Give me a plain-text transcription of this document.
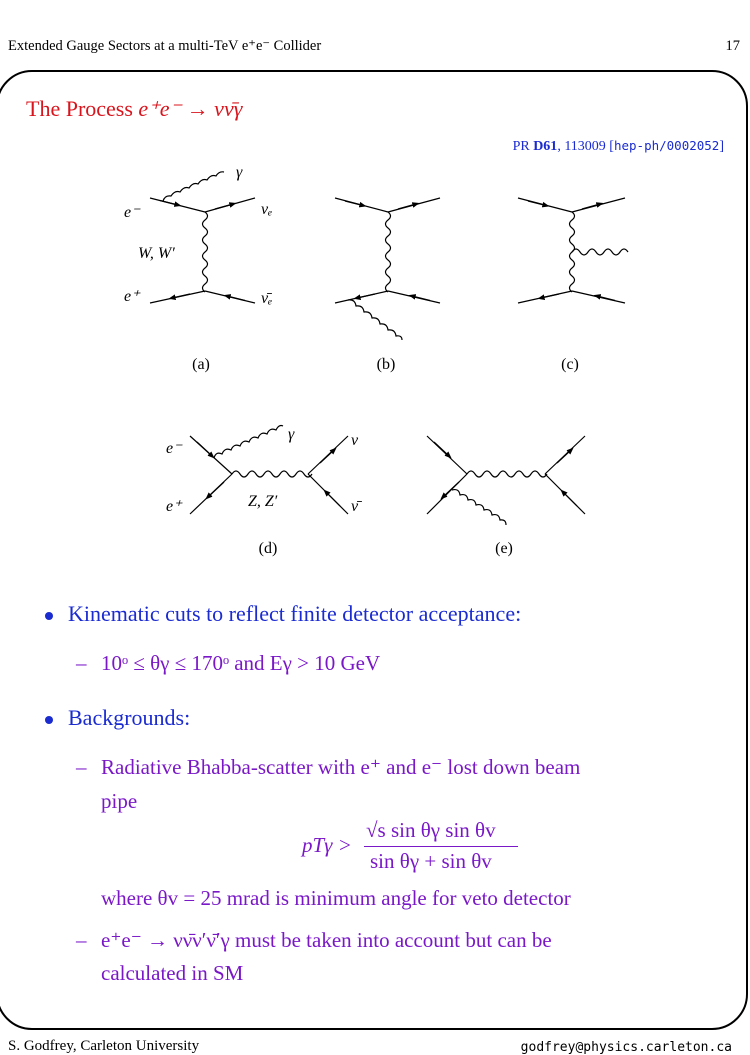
Extended Gauge Sectors at a multi-TeV e⁺e⁻ Collider	17
The Process e⁺e⁻ → νν̄γ
PR D61, 113009 [hep-ph/0002052]
e⁻
e⁺
γ
νₑ
ν̄ₑ
W, W′
e⁻
e⁺
γ	ν
ν̄
Z, Z′
(a)	(b)	(c)
(d)	(e)
Kinematic cuts to reflect finite detector acceptance:
– 10ᵒ ≤ θγ ≤ 170ᵒ and Eγ > 10 GeV
Backgrounds:
– Radiative Bhabba-scatter with e⁺ and e⁻ lost down beam
pipe
pTγ >
√s sin θγ sin θv
sin θγ + sin θv
where θv = 25 mrad is minimum angle for veto detector
– e⁺e⁻ → νν̄ν′ν̄′γ must be taken into account but can be
calculated in SM
S. Godfrey, Carleton University	godfrey@physics.carleton.ca
